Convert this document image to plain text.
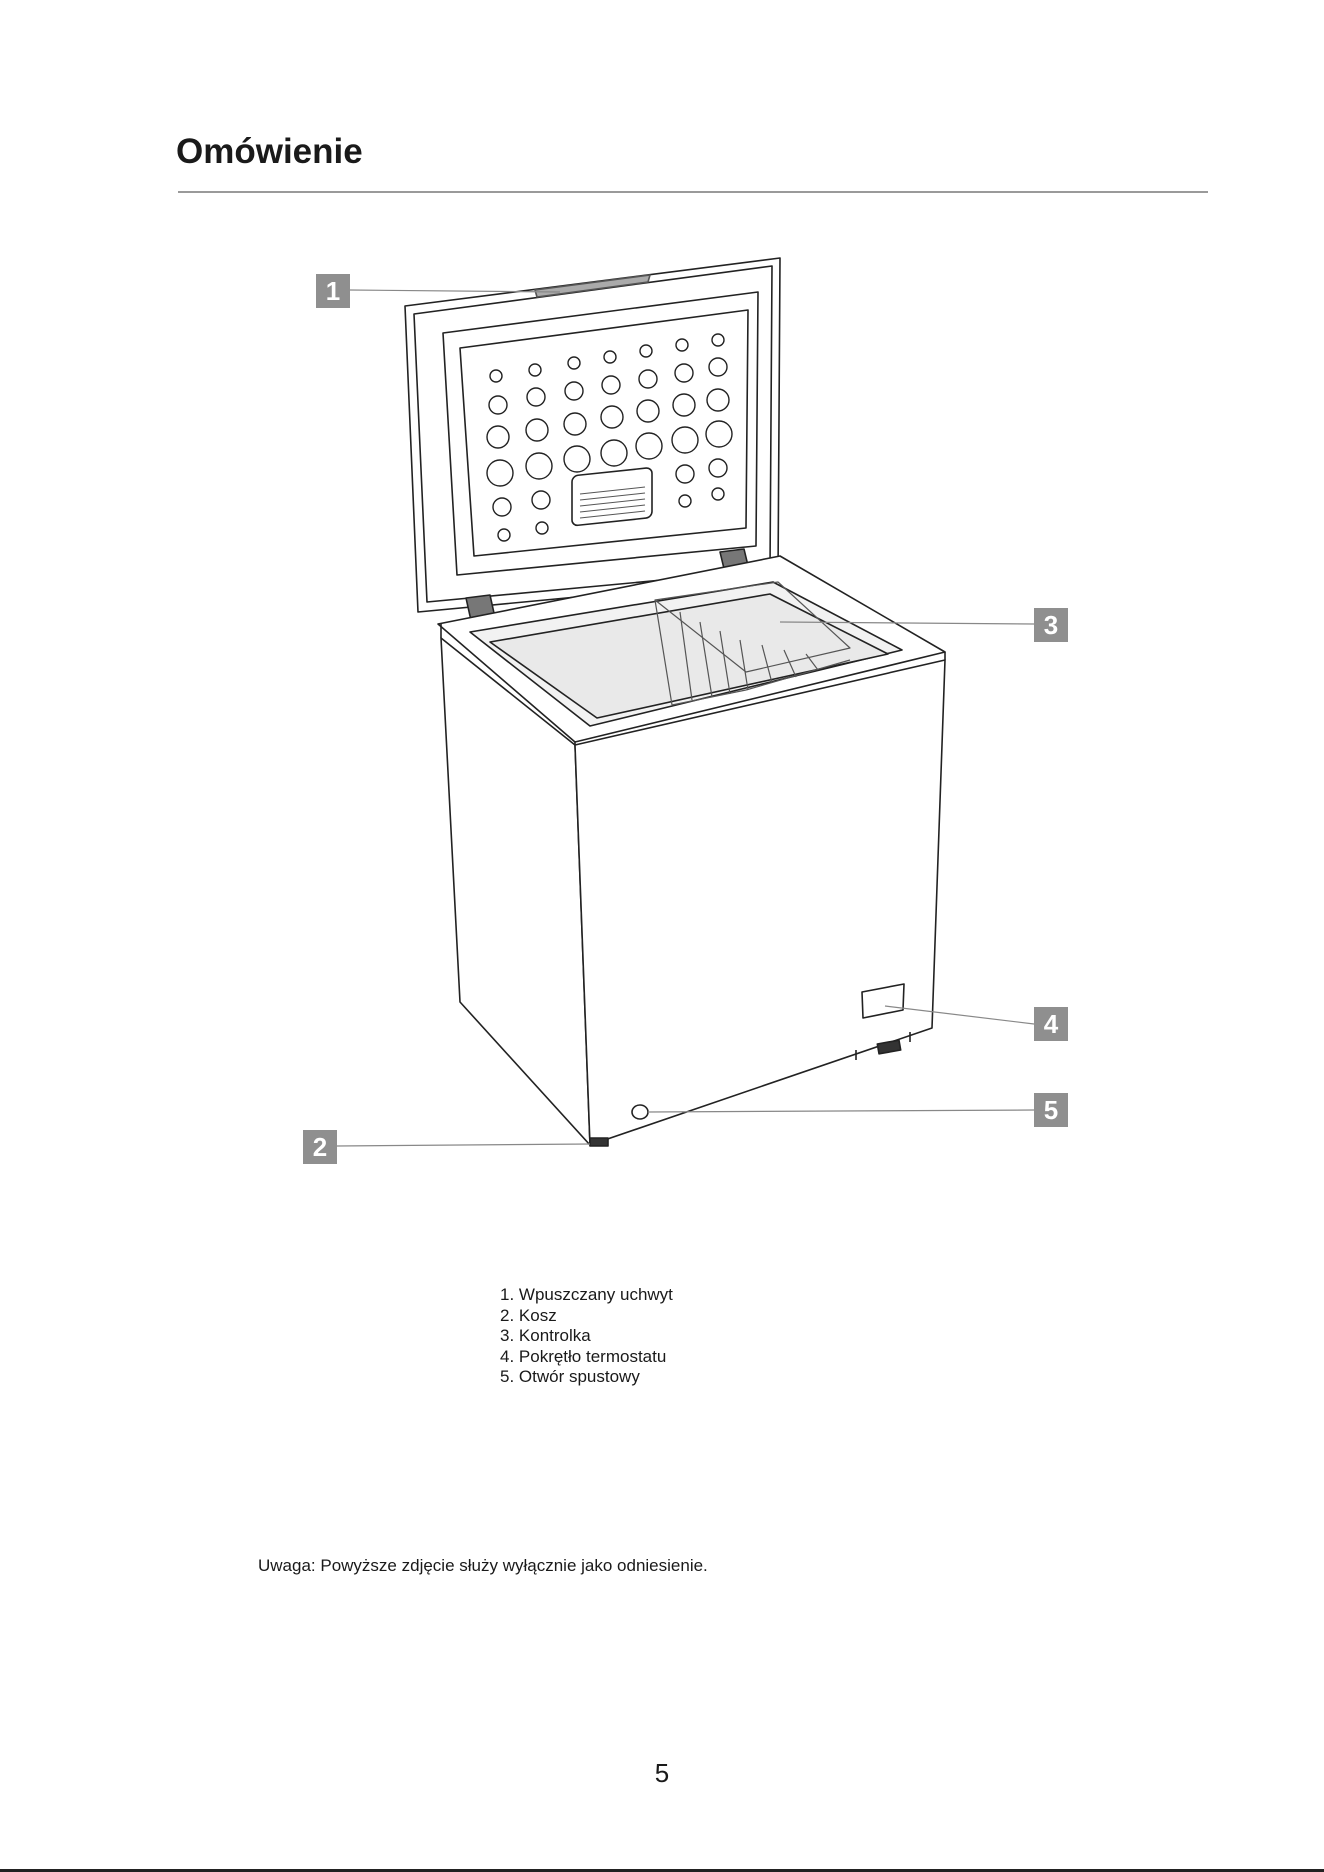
Omówienie
1
2
3
4
5
1. Wpuszczany uchwyt
2. Kosz
3. Kontrolka
4. Pokrętło termostatu
5. Otwór spustowy
Uwaga: Powyższe zdjęcie służy wyłącznie jako odniesienie.
5
